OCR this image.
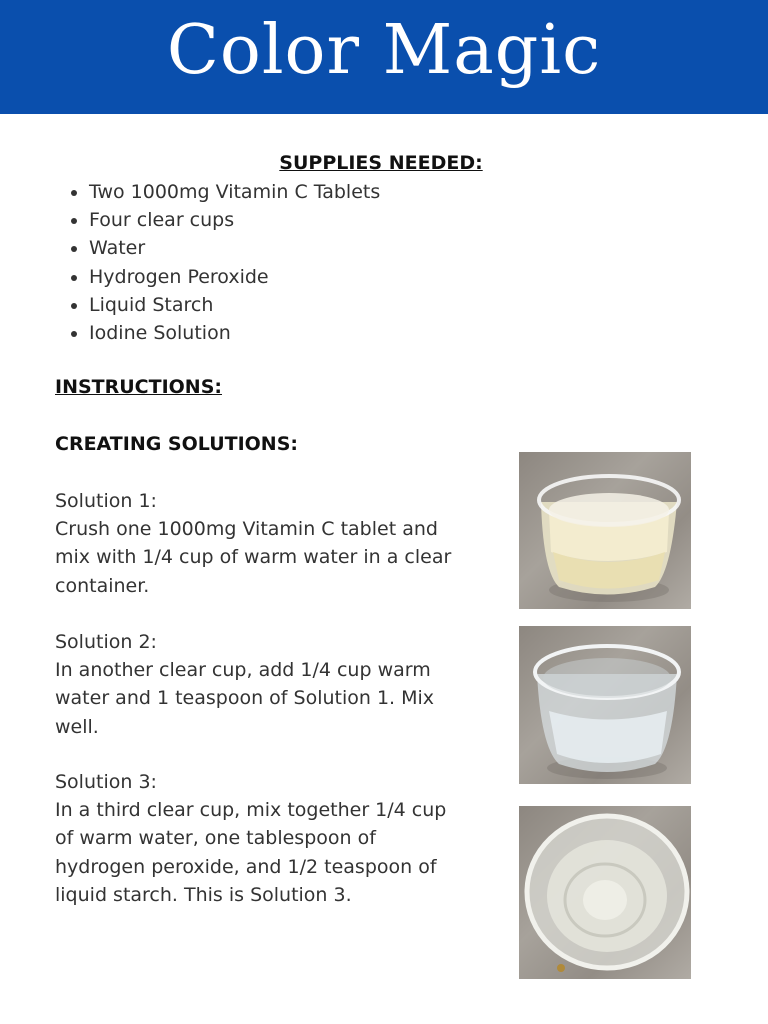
Color Magic
SUPPLIES NEEDED:
• Two 1000mg Vitamin C Tablets
• Four clear cups
• Water
• Hydrogen Peroxide
• Liquid Starch
• Iodine Solution
INSTRUCTIONS:
CREATING SOLUTIONS:

Solution 1:

Crush one 1000mg Vitamin C tablet and mix with 1/4 cup of warm water in a clear container.

Solution 2:

In another clear cup, add 1/4 cup warm water and 1 teaspoon of Solution 1. Mix well.

Solution 3:

In a third clear cup, mix together 1/4 cup of warm water, one tablespoon of hydrogen peroxide, and 1/2 teaspoon of liquid starch. This is Solution 3.
